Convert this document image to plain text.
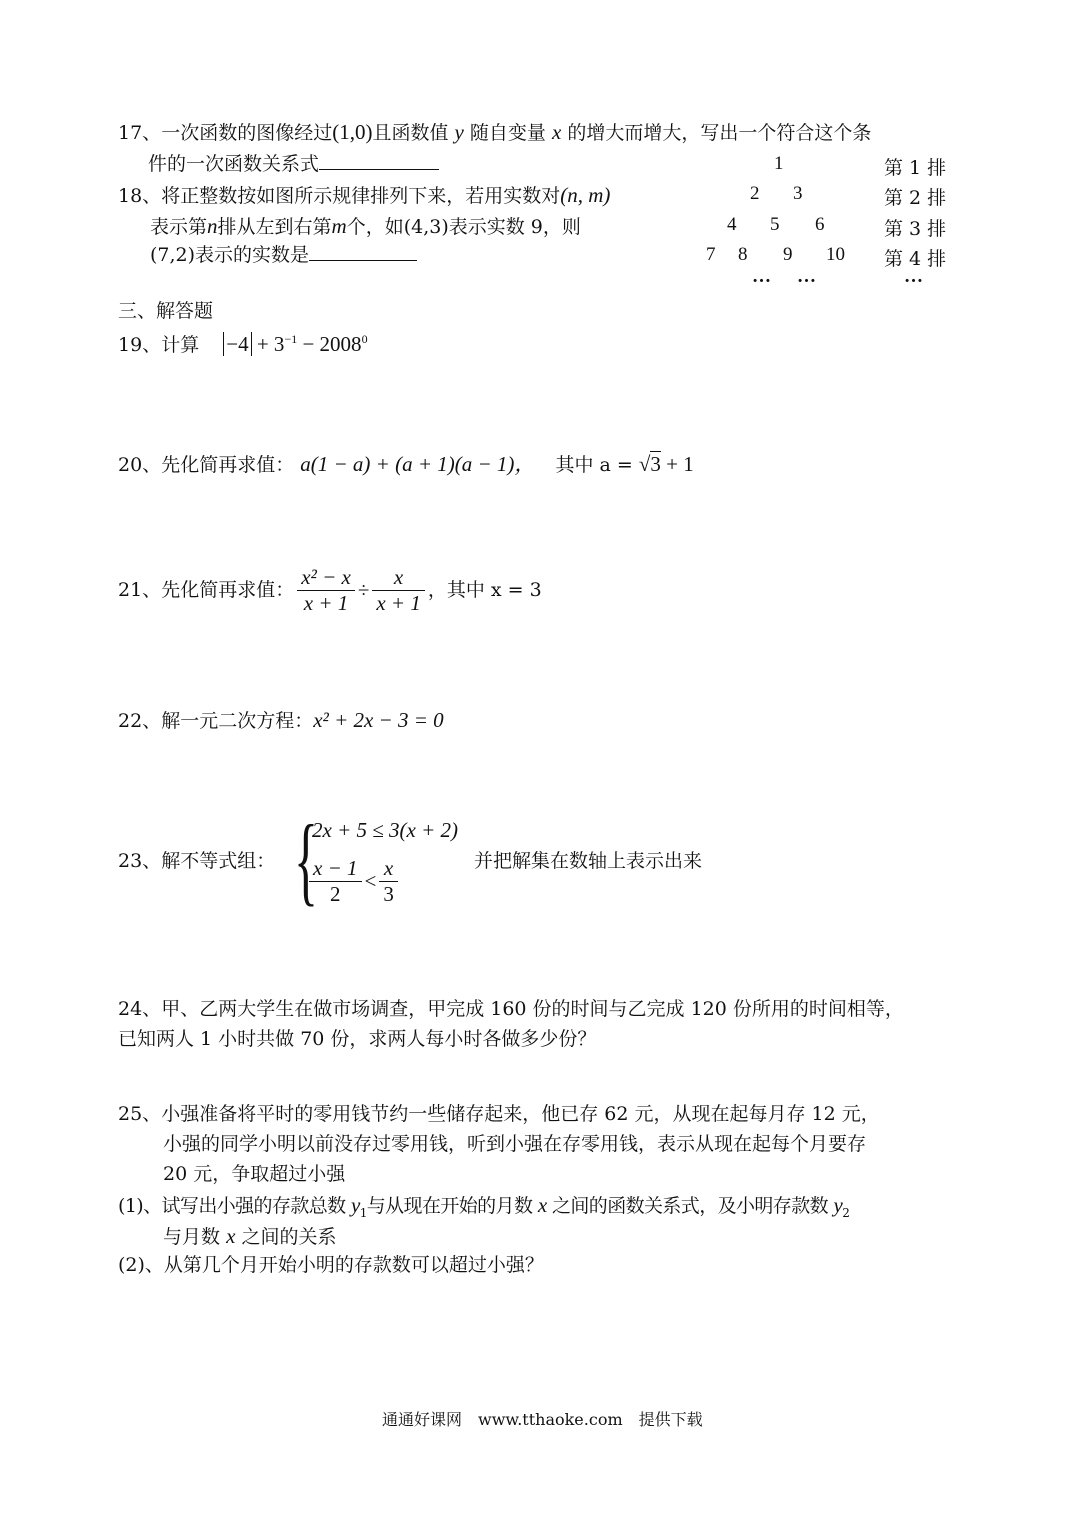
17、一次函数的图像经过(1,0)且函数值 y 随自变量 x 的增大而增大，写出一个符合这个条
件的一次函数关系式
18、将正整数按如图所示规律排列下来，若用实数对(n, m)
表示第n排从左到右第m个，如(4,3)表示实数 9，则
(7,2)表示的实数是
1
2 3
4 5 6
7 8 9 10
… …	…
第 1 排
第 2 排
第 3 排
第 4 排
三、解答题
19、计算 $-4 + 3^{-1} - 2008^0$
20、先化简再求值： a(1 − a) + (a + 1)(a − 1)， 其中 a = √3 + 1
21、 先化简再求值： $\frac{\text{x² − x}}{x + 1} \div \frac{x}{x + 1}$ ，其中 x = 3
22、解一元二次方程：x² + 2x − 3 = 0
23、解不等式组： {
2x + 5 ≤ 3(x + 2)
$\frac{x - 1}{2} < \frac{x}{3}$	并把解集在数轴上表示出来
24、甲、乙两大学生在做市场调查，甲完成 160 份的时间与乙完成 120 份所用的时间相等，
已知两人 1 小时共做 70 份，求两人每小时各做多少份？
25、小强准备将平时的零用钱节约一些储存起来，他已存 62 元，从现在起每月存 12 元，
小强的同学小明以前没存过零用钱，听到小强在存零用钱，表示从现在起每个月要存
20 元，争取超过小强
(1)、试写出小强的存款总数 $y_1$与从现在开始的月数 x 之间的函数关系式，及小明存款数 $y_2$
与月数 x 之间的关系
(2)、从第几个月开始小明的存款数可以超过小强？
通通好课网　www.tthaoke.com　提供下载
